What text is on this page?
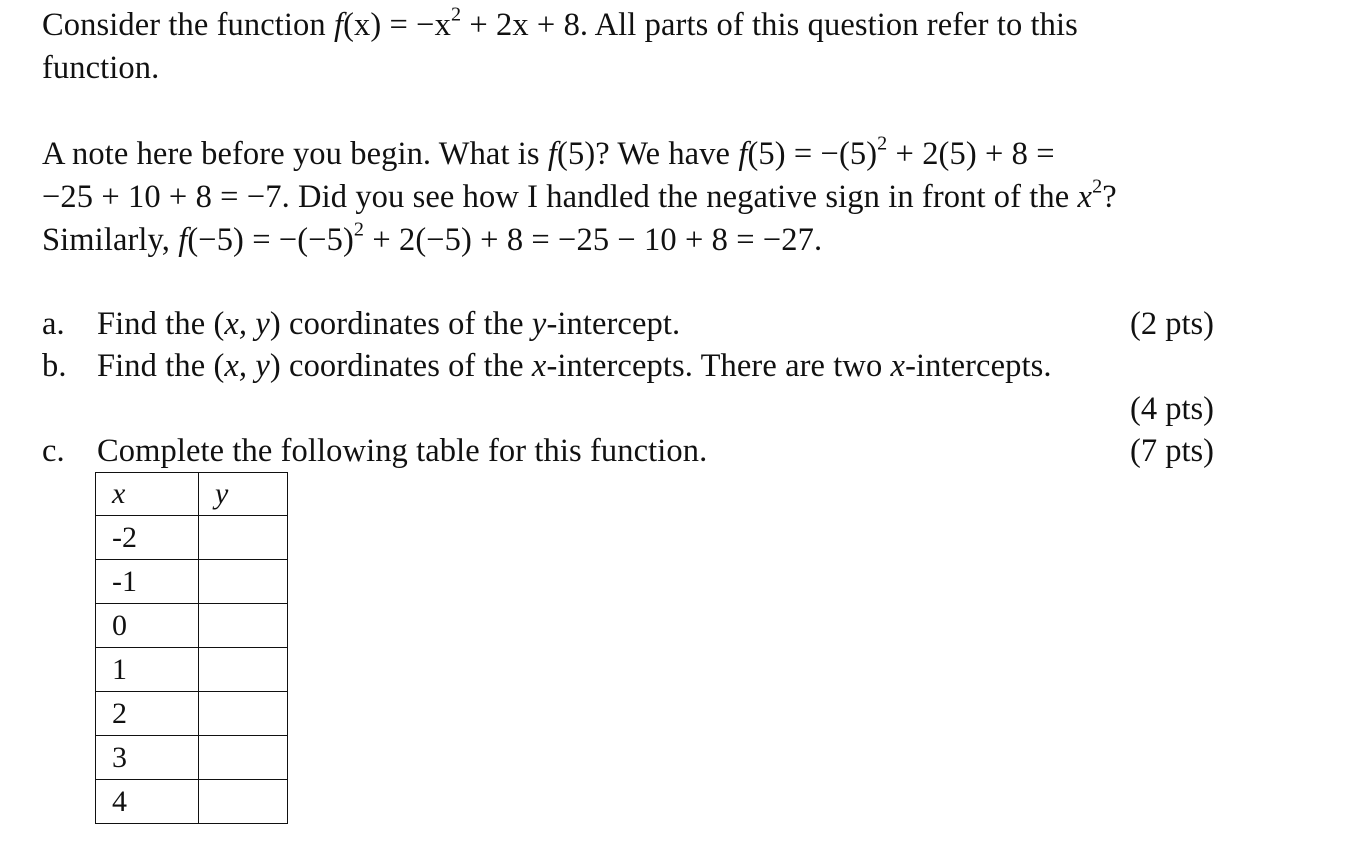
Consider the function $f(x) = -x^2 + 2x + 8$. All parts of this question refer to this
function.
A note here before you begin. What is f(5)? We have $f(5) = -(5)^2 + 2(5) + 8$ =
−25 + 10 + 8 = −7. Did you see how I handled the negative sign in front of the $x^2$?
Similarly, $f(-5) = -(-5)^2 + 2(-5) + 8 = -25 - 10 + 8 = -27$.
a. Find the (x, y) coordinates of the y-intercept.	(2 pts)
b. Find the (x, y) coordinates of the x-intercepts. There are two x-intercepts.
(4 pts)
c. Complete the following table for this function.	(7 pts)
x	y
-2	
-1	
0	
1	
2	
3	
4	
